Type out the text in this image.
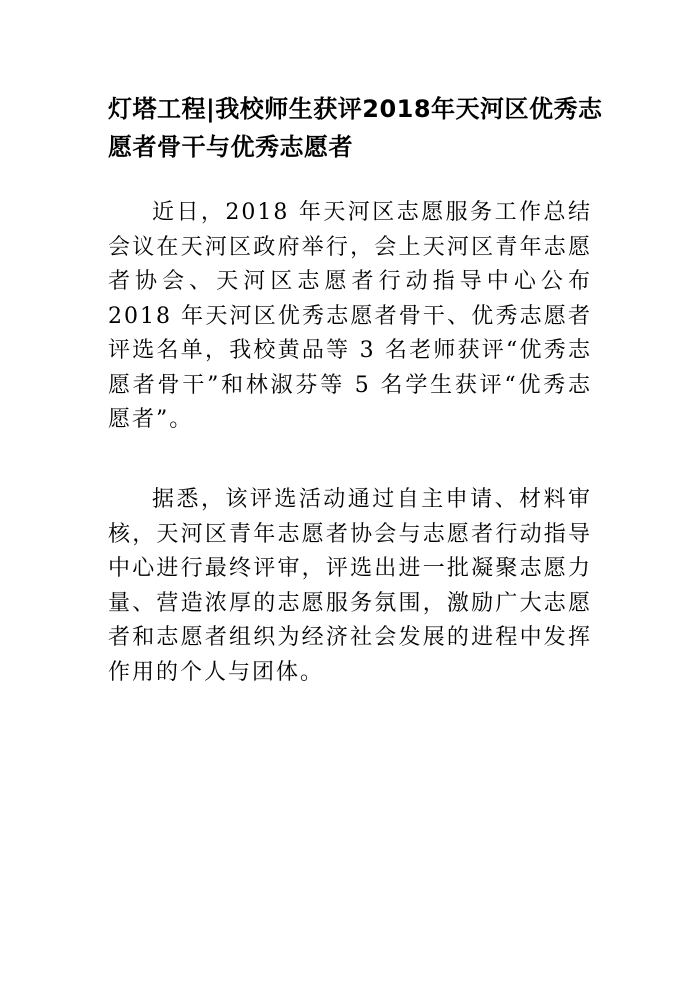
灯塔工程|我校师生获评2018年天河区优秀志愿者骨干与优秀志愿者

近日，2018 年天河区志愿服务工作总结会议在天河区政府举行，会上天河区青年志愿者协会、天河区志愿者行动指导中心公布 2018 年天河区优秀志愿者骨干、优秀志愿者评选名单，我校黄品等 3 名老师获评“优秀志愿者骨干”和林淑芬等 5 名学生获评“优秀志愿者”。

据悉，该评选活动通过自主申请、材料审核，天河区青年志愿者协会与志愿者行动指导中心进行最终评审，评选出进一批凝聚志愿力量、营造浓厚的志愿服务氛围，激励广大志愿者和志愿者组织为经济社会发展的进程中发挥作用的个人与团体。
